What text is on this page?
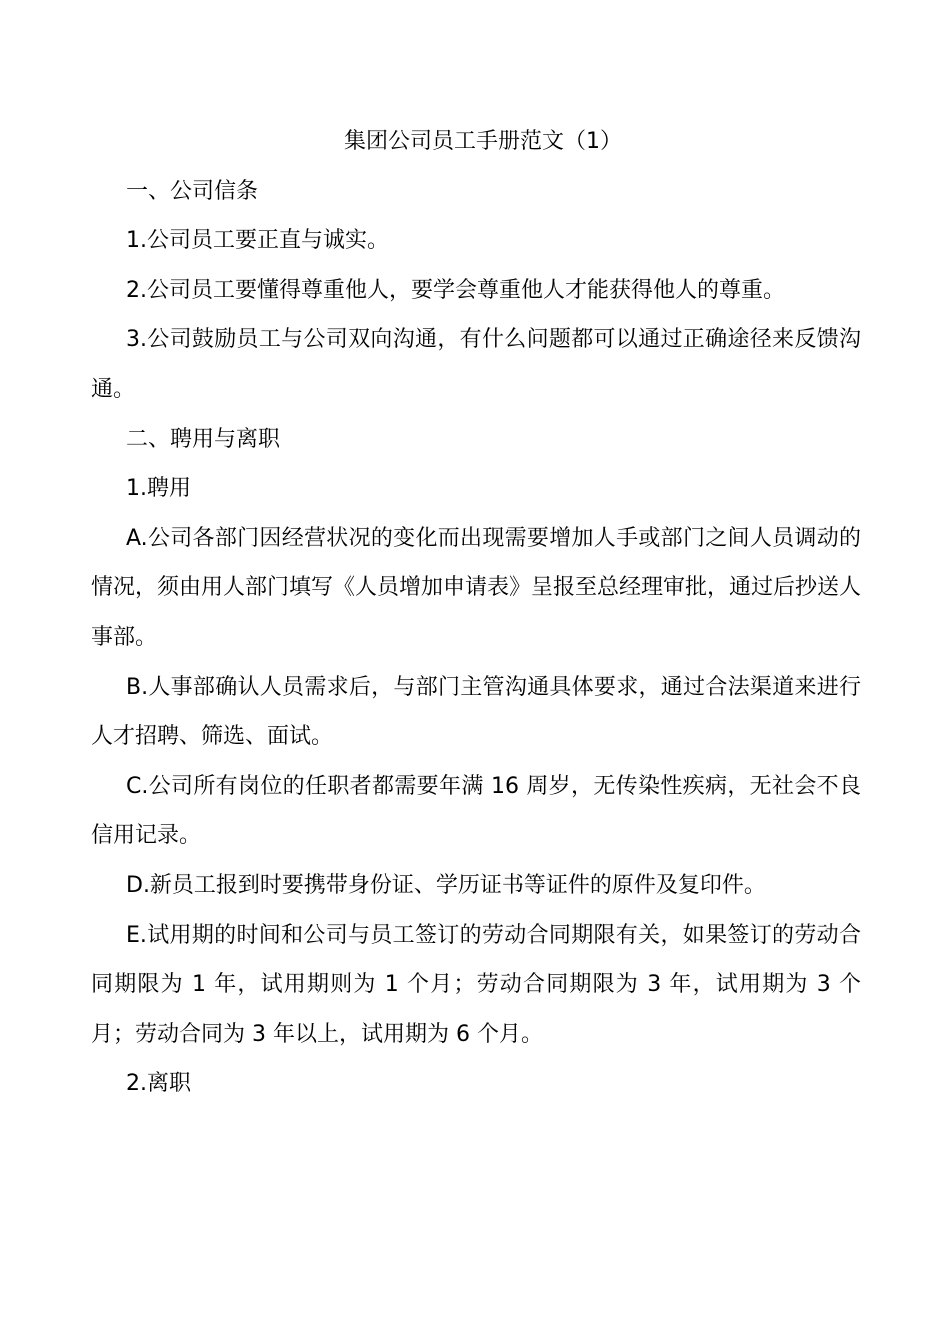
集团公司员工手册范文（1）

一、公司信条

1.公司员工要正直与诚实。

2.公司员工要懂得尊重他人，要学会尊重他人才能获得他人的尊重。

3.公司鼓励员工与公司双向沟通，有什么问题都可以通过正确途径来反馈沟通。

二、聘用与离职

1.聘用

A.公司各部门因经营状况的变化而出现需要增加人手或部门之间人员调动的情况，须由用人部门填写《人员增加申请表》呈报至总经理审批，通过后抄送人事部。

B.人事部确认人员需求后，与部门主管沟通具体要求，通过合法渠道来进行人才招聘、筛选、面试。

C.公司所有岗位的任职者都需要年满 16 周岁，无传染性疾病，无社会不良信用记录。

D.新员工报到时要携带身份证、学历证书等证件的原件及复印件。

E.试用期的时间和公司与员工签订的劳动合同期限有关，如果签订的劳动合同期限为 1 年，试用期则为 1 个月；劳动合同期限为 3 年，试用期为 3 个月；劳动合同为 3 年以上，试用期为 6 个月。

2.离职
